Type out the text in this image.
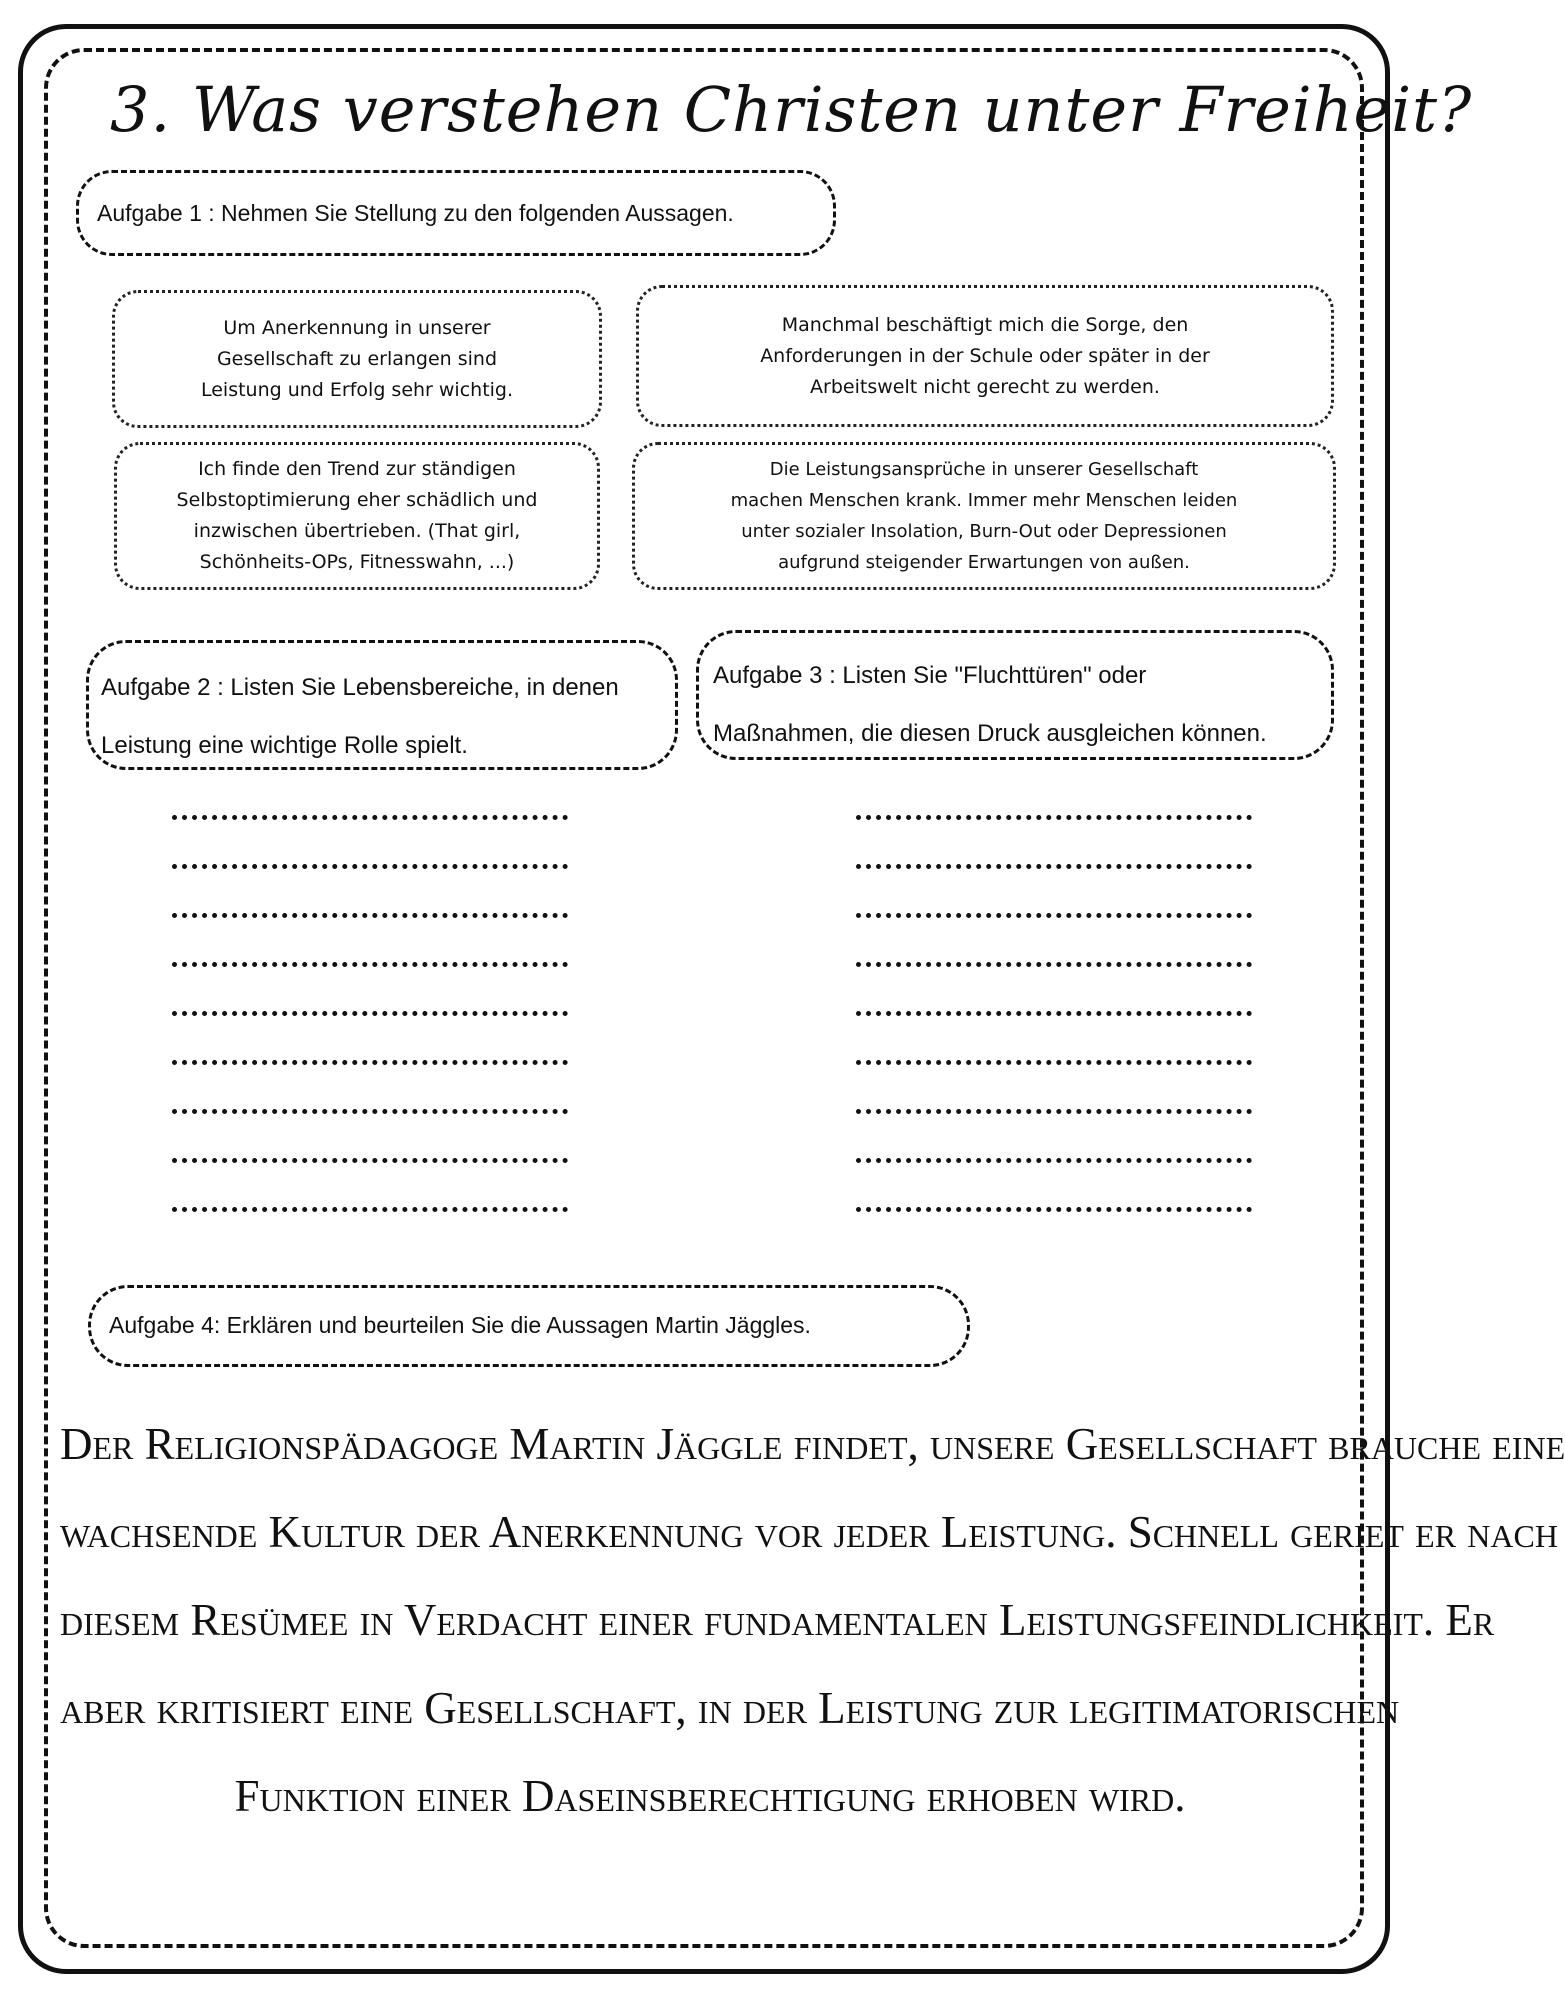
3. Was verstehen Christen unter Freiheit?
Aufgabe 1 : Nehmen Sie Stellung zu den folgenden Aussagen.
Um Anerkennung in unserer
Gesellschaft zu erlangen sind
Leistung und Erfolg sehr wichtig.
Manchmal beschäftigt mich die Sorge, den
Anforderungen in der Schule oder später in der
Arbeitswelt nicht gerecht zu werden.
Ich finde den Trend zur ständigen
Selbstoptimierung eher schädlich und
inzwischen übertrieben. (That girl,
Schönheits-OPs, Fitnesswahn, ...)
Die Leistungsansprüche in unserer Gesellschaft
machen Menschen krank. Immer mehr Menschen leiden
unter sozialer Insolation, Burn-Out oder Depressionen
aufgrund steigender Erwartungen von außen.
Aufgabe 2 : Listen Sie Lebensbereiche, in denen
Leistung eine wichtige Rolle spielt.
Aufgabe 3 : Listen Sie "Fluchttüren" oder
Maßnahmen, die diesen Druck ausgleichen können.
Aufgabe 4: Erklären und beurteilen Sie die Aussagen Martin Jäggles.
Der Religionspädagoge Martin Jäggle findet, unsere Gesellschaft brauche eine
wachsende Kultur der Anerkennung vor jeder Leistung. Schnell geriet er nach
diesem Resümee in Verdacht einer fundamentalen Leistungsfeindlichkeit. Er
aber kritisiert eine Gesellschaft, in der Leistung zur legitimatorischen
Funktion einer Daseinsberechtigung erhoben wird.
